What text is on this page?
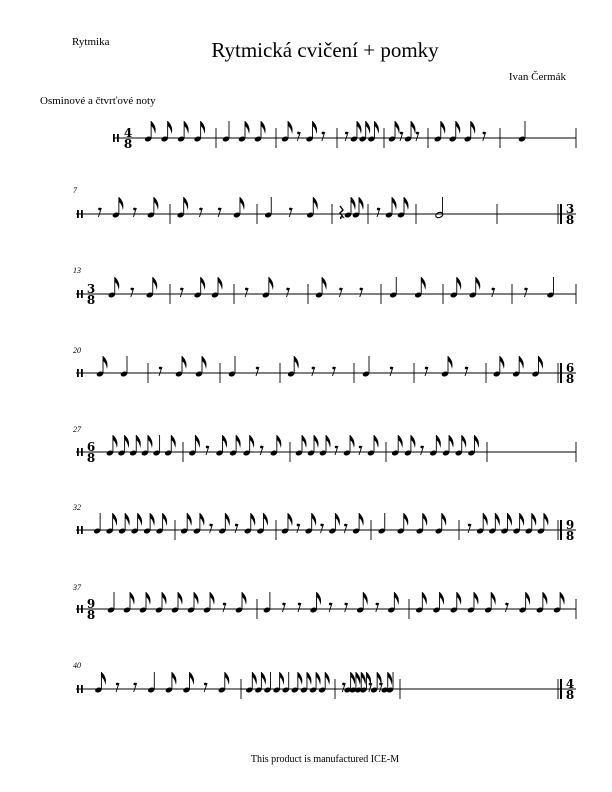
Rytmika	Rytmická cvičení + pomky
Ivan Čermák
Osminové a čtvrťové noty
7
13
20
27
32
37
40
4
8
3
8
3
8
6
8
6
8
9
8
9
8
4
8
This product is manufactured ICE-M
